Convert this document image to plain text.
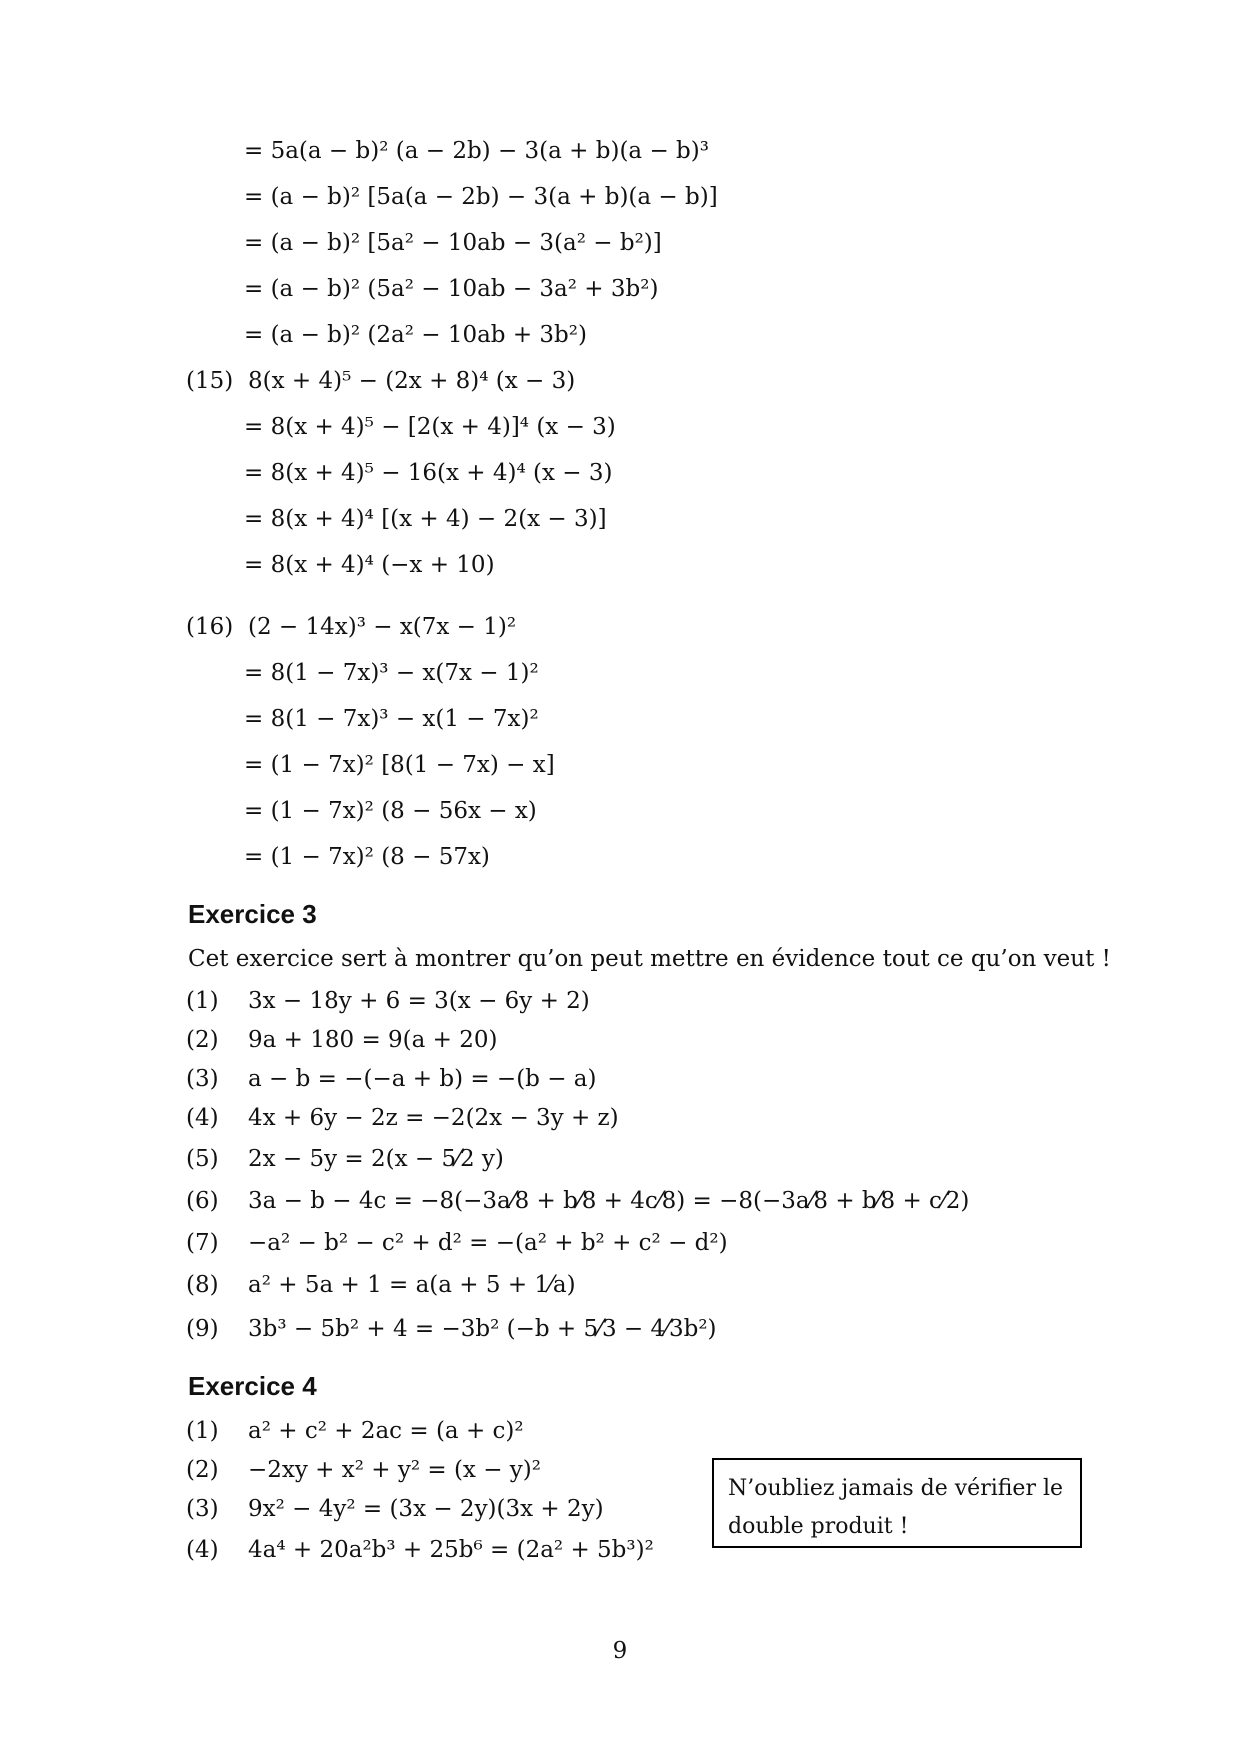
= 5a(a − b)² (a − 2b) − 3(a + b)(a − b)³
= (a − b)² [5a(a − 2b) − 3(a + b)(a − b)]
= (a − b)² [5a² − 10ab − 3(a² − b²)]
= (a − b)² (5a² − 10ab − 3a² + 3b²)
= (a − b)² (2a² − 10ab + 3b²)
(15) 8(x + 4)⁵ − (2x + 8)⁴ (x − 3)
= 8(x + 4)⁵ − [2(x + 4)]⁴ (x − 3)
= 8(x + 4)⁵ − 16(x + 4)⁴ (x − 3)
= 8(x + 4)⁴ [(x + 4) − 2(x − 3)]
= 8(x + 4)⁴ (−x + 10)
(16) (2 − 14x)³ − x(7x − 1)²
= 8(1 − 7x)³ − x(7x − 1)²
= 8(1 − 7x)³ − x(1 − 7x)²
= (1 − 7x)² [8(1 − 7x) − x]
= (1 − 7x)² (8 − 56x − x)
= (1 − 7x)² (8 − 57x)
Exercice 3
Cet exercice sert à montrer qu’on peut mettre en évidence tout ce qu’on veut !
(1) 3x − 18y + 6 = 3(x − 6y + 2)
(2) 9a + 180 = 9(a + 20)
(3) a − b = −(−a + b) = −(b − a)
(4) 4x + 6y − 2z = −2(2x − 3y + z)
(5) 2x − 5y = 2(x − 5⁄2 y)
(6) 3a − b − 4c = −8(−3a⁄8 + b⁄8 + 4c⁄8) = −8(−3a⁄8 + b⁄8 + c⁄2)
(7) −a² − b² − c² + d² = −(a² + b² + c² − d²)
(8) a² + 5a + 1 = a(a + 5 + 1⁄a)
(9) 3b³ − 5b² + 4 = −3b² (−b + 5⁄3 − 4⁄3b²)
Exercice 4
(1) a² + c² + 2ac = (a + c)²
(2) −2xy + x² + y² = (x − y)²
(3) 9x² − 4y² = (3x − 2y)(3x + 2y)
(4) 4a⁴ + 20a²b³ + 25b⁶ = (2a² + 5b³)²
N’oubliez jamais de vérifier le
double produit !
9
